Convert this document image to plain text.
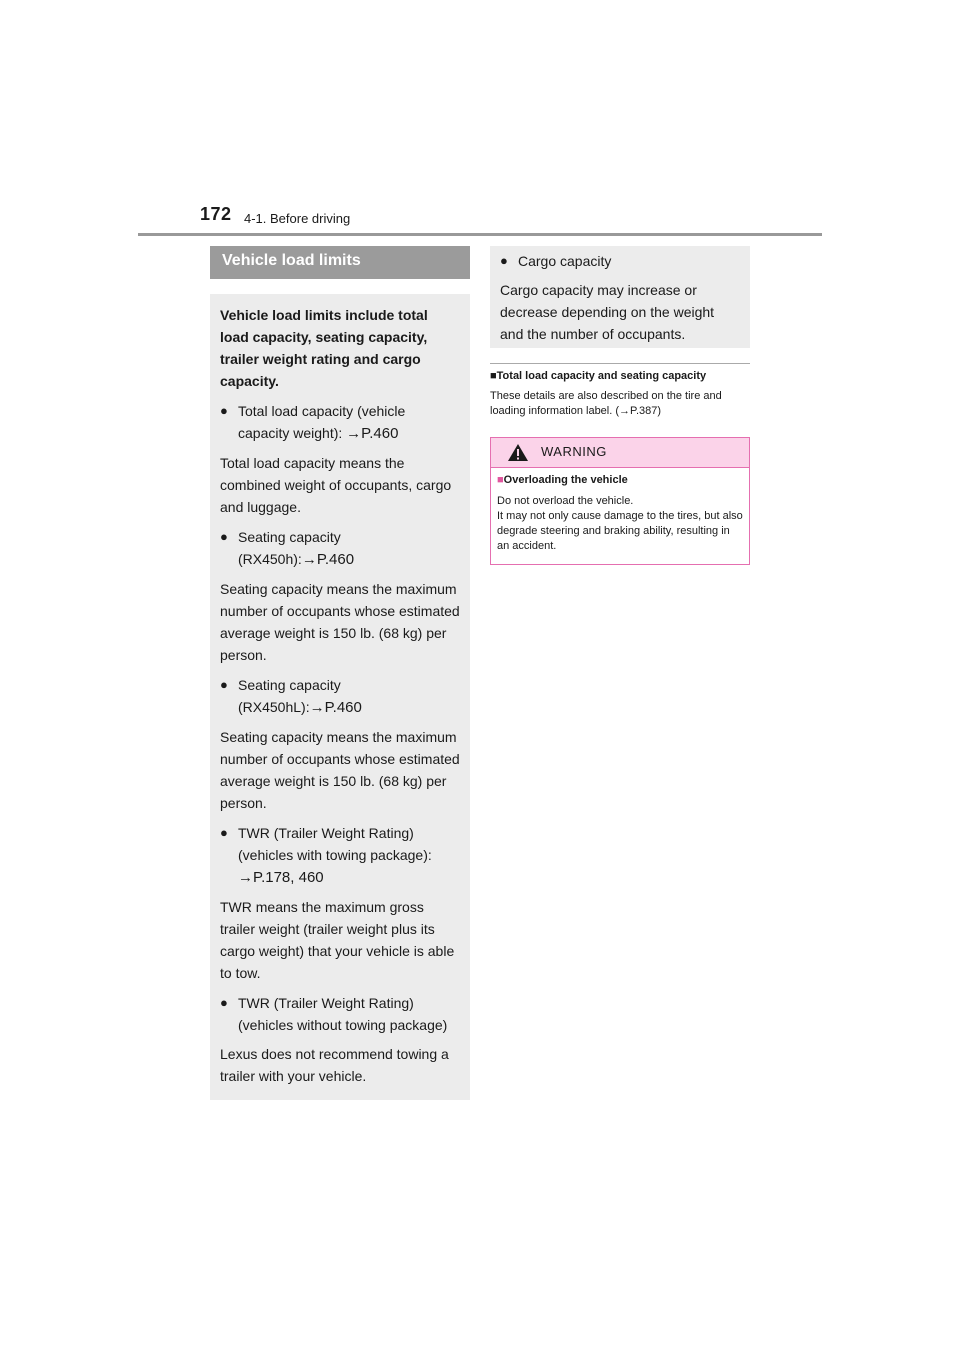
172 4-1. Before driving
Vehicle load limits

Vehicle load limits include total load capacity, seating capacity, trailer weight rating and cargo capacity.

● Total load capacity (vehicle capacity weight): →P.460

Total load capacity means the combined weight of occupants, cargo and luggage.

● Seating capacity (RX450h):→P.460

Seating capacity means the maximum number of occupants whose estimated average weight is 150 lb. (68 kg) per person.

● Seating capacity (RX450hL):→P.460

Seating capacity means the maximum number of occupants whose estimated average weight is 150 lb. (68 kg) per person.

● TWR (Trailer Weight Rating) (vehicles with towing package): →P.178, 460

TWR means the maximum gross trailer weight (trailer weight plus its cargo weight) that your vehicle is able to tow.

● TWR (Trailer Weight Rating) (vehicles without towing package)

Lexus does not recommend towing a trailer with your vehicle.

● Cargo capacity

Cargo capacity may increase or decrease depending on the weight and the number of occupants.

■Total load capacity and seating capacity
These details are also described on the tire and loading information label. (→P.387)
WARNING
■Overloading the vehicle
Do not overload the vehicle.
It may not only cause damage to the tires, but also degrade steering and braking ability, resulting in an accident.
